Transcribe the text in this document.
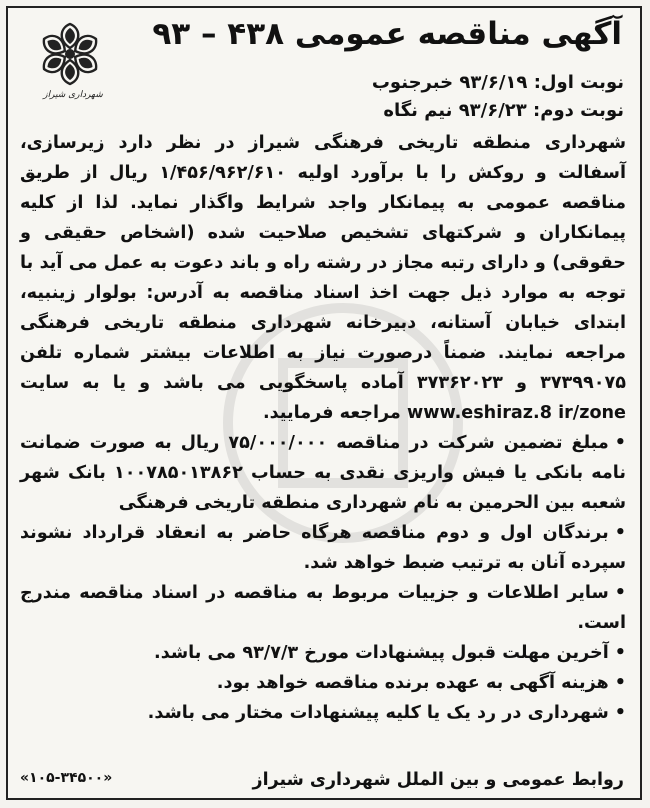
شهرداری شیراز
آگهی مناقصه عمومی ۴۳۸ – ۹۳
نوبت اول: ۹۳/۶/۱۹ خبرجنوب
نوبت دوم: ۹۳/۶/۲۳ نیم نگاه

شهرداری منطقه تاریخی فرهنگی شیراز در نظر دارد زیرسازی، آسفالت و روکش را با برآورد اولیه ۱/۴۵۶/۹۶۲/۶۱۰ ریال از طریق مناقصه عمومی به پیمانکار واجد شرایط واگذار نماید. لذا از کلیه پیمانکاران و شرکتهای تشخیص صلاحیت شده (اشخاص حقیقی و حقوقی) و دارای رتبه مجاز در رشته راه و باند دعوت به عمل می آید با توجه به موارد ذیل جهت اخذ اسناد مناقصه به آدرس: بولوار زینبیه، ابتدای خیابان آستانه، دبیرخانه شهرداری منطقه تاریخی فرهنگی مراجعه نمایند. ضمناً درصورت نیاز به اطلاعات بیشتر شماره تلفن ۳۷۳۹۹۰۷۵ و ۳۷۳۶۲۰۲۳ آماده پاسخگویی می باشد و یا به سایت www.eshiraz.8 ir/zone مراجعه فرمایید.

• مبلغ تضمین شرکت در مناقصه ۷۵/۰۰۰/۰۰۰ ریال به صورت ضمانت نامه بانکی یا فیش واریزی نقدی به حساب ۱۰۰۷۸۵۰۱۳۸۶۲ بانک شهر شعبه بین الحرمین به نام شهرداری منطقه تاریخی فرهنگی

• برندگان اول و دوم مناقصه هرگاه حاضر به انعقاد قرارداد نشوند سپرده آنان به ترتیب ضبط خواهد شد.

• سایر اطلاعات و جزییات مربوط به مناقصه در اسناد مناقصه مندرج است.

• آخرین مهلت قبول پیشنهادات مورخ ۹۳/۷/۳ می باشد.

• هزینه آگهی به عهده برنده مناقصه خواهد بود.

• شهرداری در رد یک یا کلیه پیشنهادات مختار می باشد.

روابط عمومی و بین الملل شهرداری شیراز
«۱۰۵-۳۴۵۰۰»
